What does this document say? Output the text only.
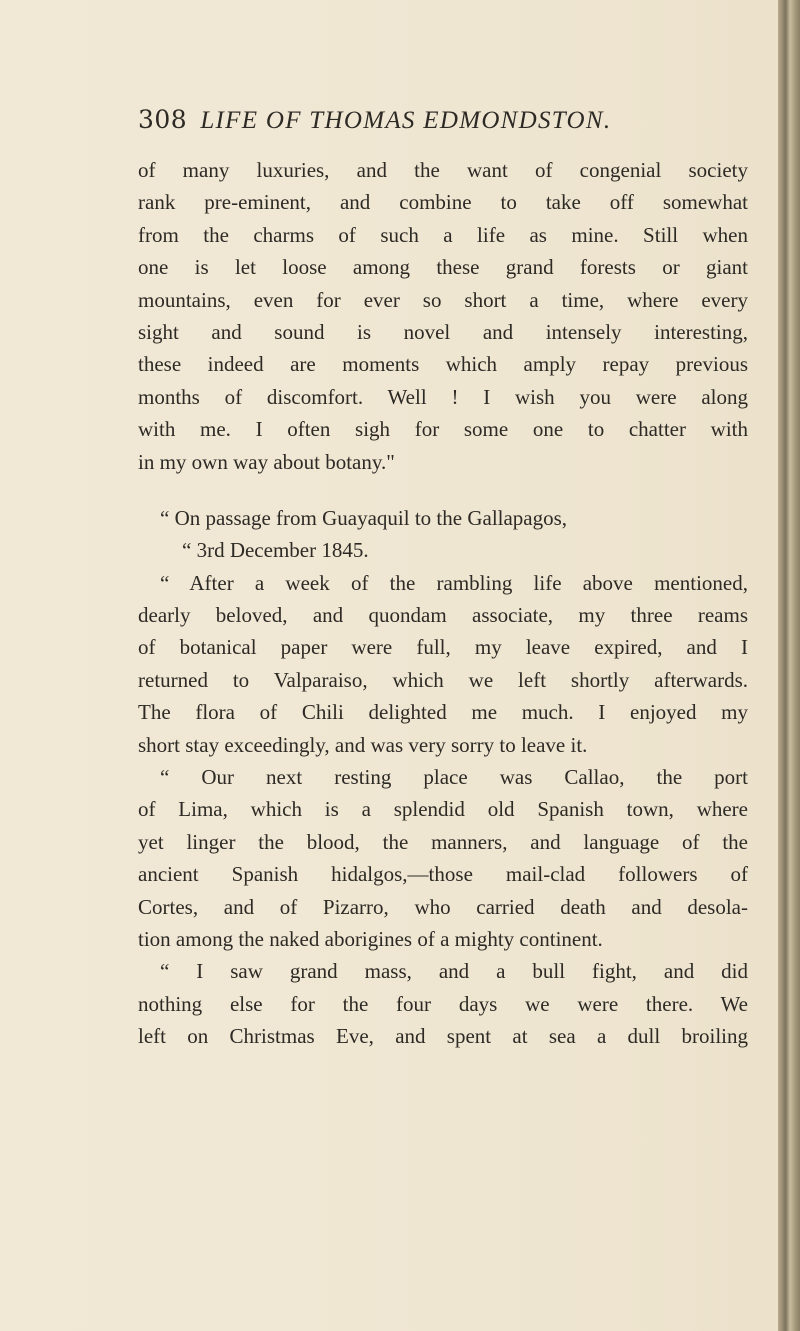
308 LIFE OF THOMAS EDMONDSTON.
of many luxuries, and the want of congenial society
rank pre-eminent, and combine to take off somewhat
from the charms of such a life as mine. Still when
one is let loose among these grand forests or giant
mountains, even for ever so short a time, where every
sight and sound is novel and intensely interesting,
these indeed are moments which amply repay previous
months of discomfort. Well ! I wish you were along
with me. I often sigh for some one to chatter with
in my own way about botany."
“ On passage from Guayaquil to the Gallapagos,
“ 3rd December 1845.
“ After a week of the rambling life above mentioned,
dearly beloved, and quondam associate, my three reams
of botanical paper were full, my leave expired, and I
returned to Valparaiso, which we left shortly afterwards.
The flora of Chili delighted me much. I enjoyed my
short stay exceedingly, and was very sorry to leave it.
“ Our next resting place was Callao, the port
of Lima, which is a splendid old Spanish town, where
yet linger the blood, the manners, and language of the
ancient Spanish hidalgos,—those mail-clad followers of
Cortes, and of Pizarro, who carried death and desola-
tion among the naked aborigines of a mighty continent.
“ I saw grand mass, and a bull fight, and did
nothing else for the four days we were there. We
left on Christmas Eve, and spent at sea a dull broiling
